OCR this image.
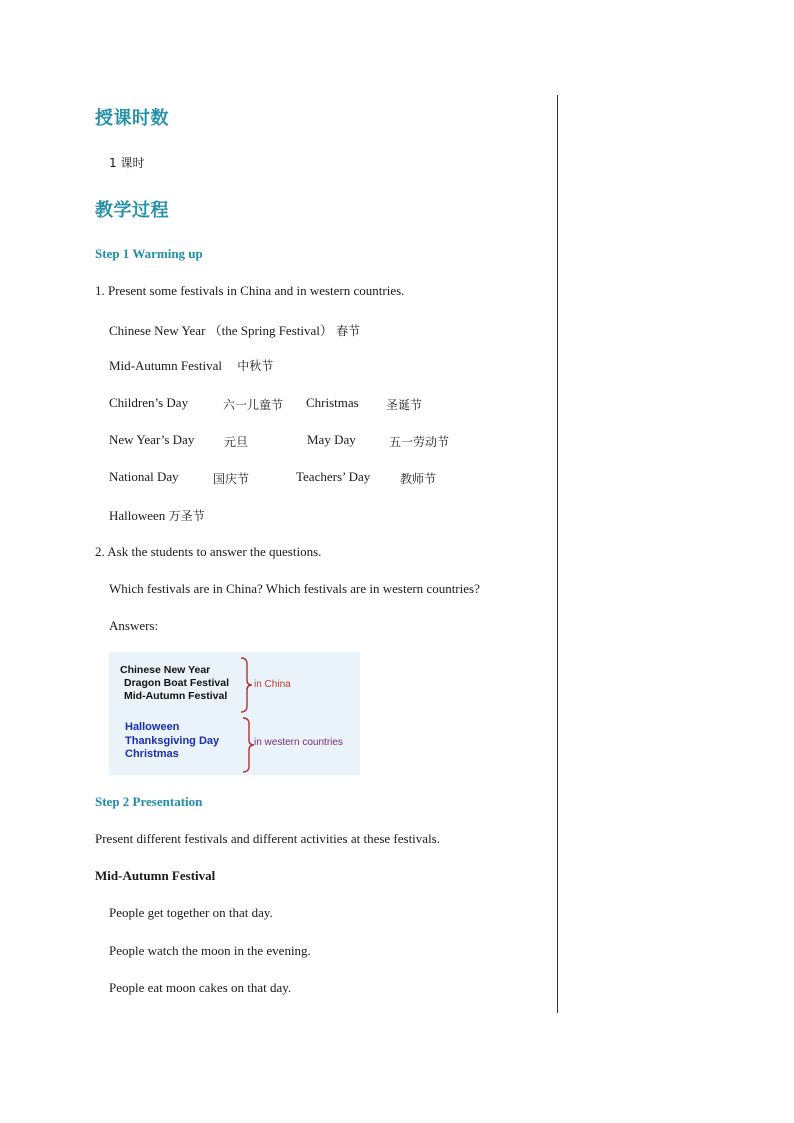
授课时数
1 课时
教学过程
Step 1 Warming up
1. Present some festivals in China and in western countries.
Chinese New Year （the Spring Festival） 春节
Mid-Autumn Festival 中秋节
Children’s Day	六一儿童节 Christmas 圣诞节
New Year’s Day 元旦	May Day	五一劳动节
National Day	国庆节	Teachers’ Day 教师节
Halloween 万圣节
2. Ask the students to answer the questions.
Which festivals are in China? Which festivals are in western countries?
Answers:
Chinese New Year
Dragon Boat Festival
Mid-Autumn Festival
in China
Halloween
Thanksgiving Day
Christmas
in western countries
Step 2 Presentation
Present different festivals and different activities at these festivals.
Mid-Autumn Festival
People get together on that day.
People watch the moon in the evening.
People eat moon cakes on that day.
